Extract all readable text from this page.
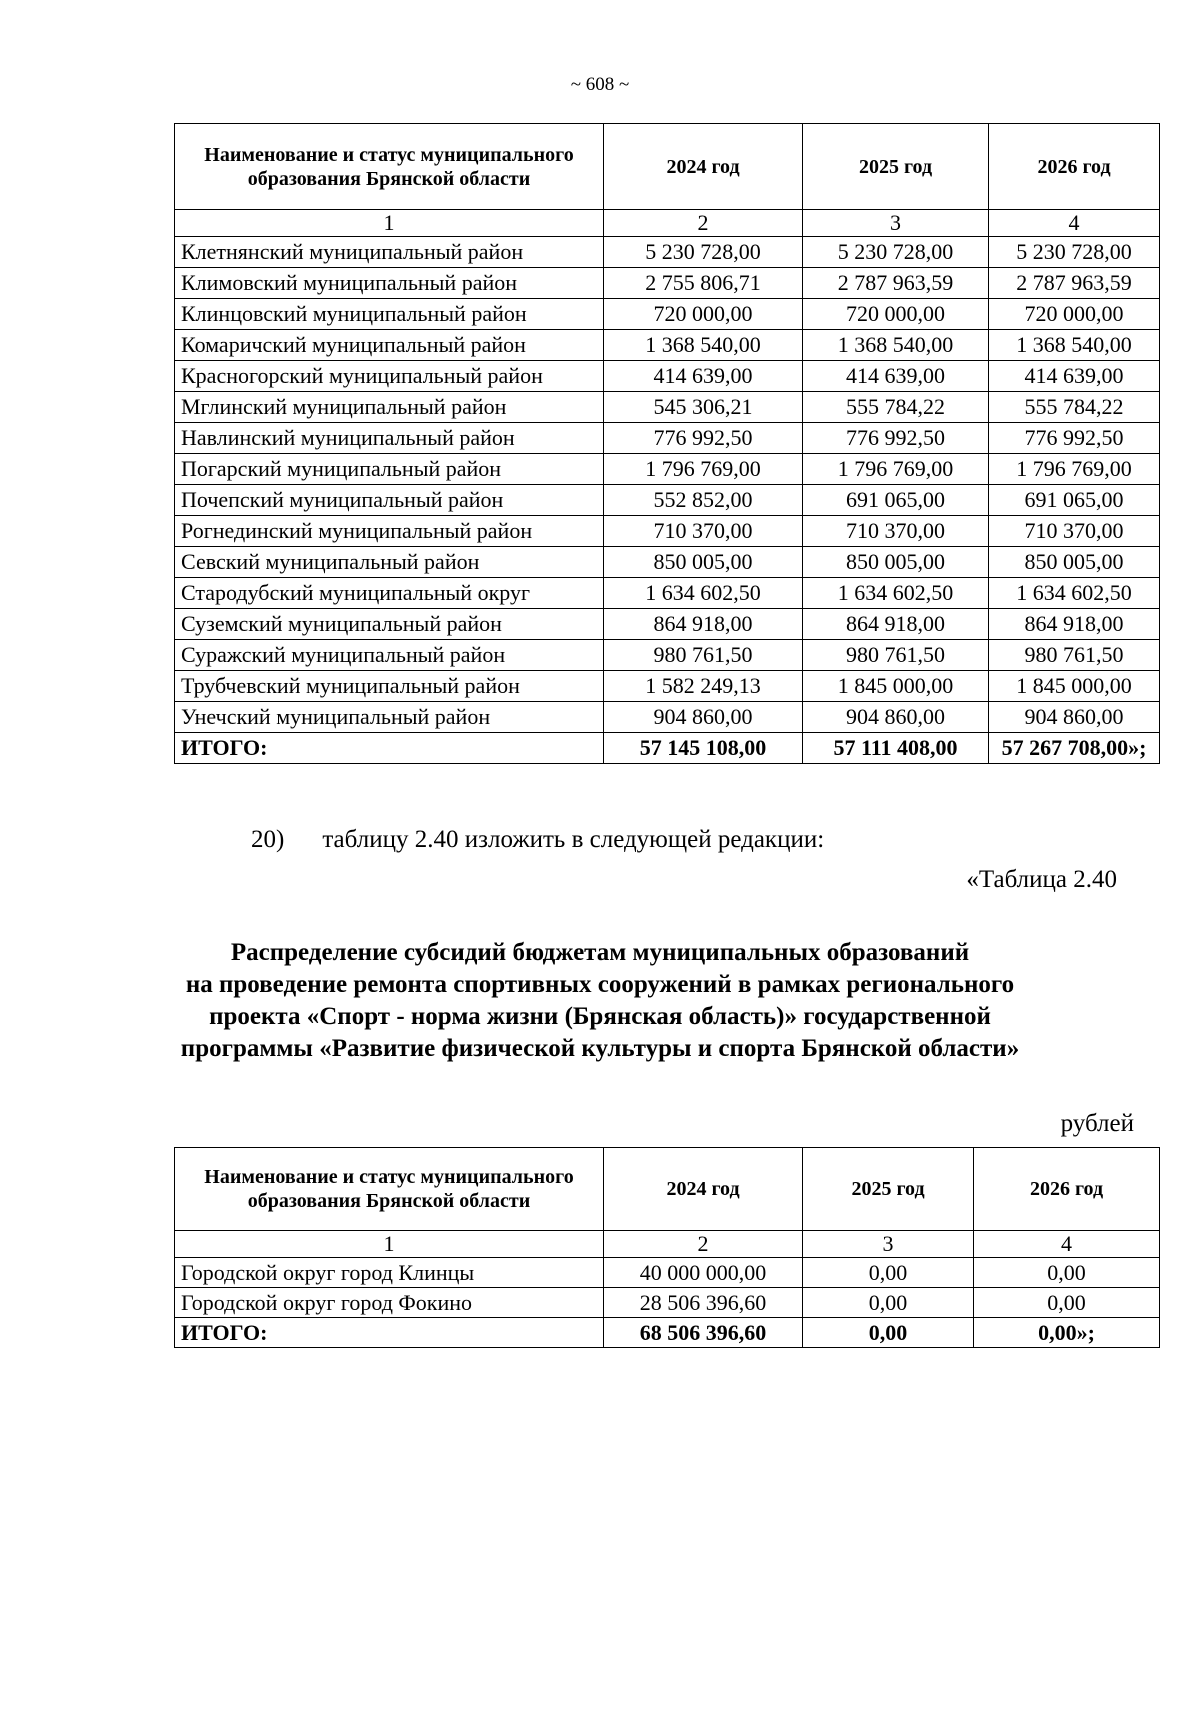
~ 608 ~
Наименование и статус муниципального образования Брянской области	2024 год	2025 год	2026 год
1	2	3	4
Клетнянский муниципальный район	5 230 728,00	5 230 728,00	5 230 728,00
Климовский муниципальный район	2 755 806,71	2 787 963,59	2 787 963,59
Клинцовский муниципальный район	720 000,00	720 000,00	720 000,00
Комаричский муниципальный район	1 368 540,00	1 368 540,00	1 368 540,00
Красногорский муниципальный район	414 639,00	414 639,00	414 639,00
Мглинский муниципальный район	545 306,21	555 784,22	555 784,22
Навлинский муниципальный район	776 992,50	776 992,50	776 992,50
Погарский муниципальный район	1 796 769,00	1 796 769,00	1 796 769,00
Почепский муниципальный район	552 852,00	691 065,00	691 065,00
Рогнединский муниципальный район	710 370,00	710 370,00	710 370,00
Севский муниципальный район	850 005,00	850 005,00	850 005,00
Стародубский муниципальный округ	1 634 602,50	1 634 602,50	1 634 602,50
Суземский муниципальный район	864 918,00	864 918,00	864 918,00
Суражский муниципальный район	980 761,50	980 761,50	980 761,50
Трубчевский муниципальный район	1 582 249,13	1 845 000,00	1 845 000,00
Унечский муниципальный район	904 860,00	904 860,00	904 860,00
ИТОГО:	57 145 108,00	57 111 408,00	57 267 708,00»;
20) таблицу 2.40 изложить в следующей редакции:
«Таблица 2.40
Распределение субсидий бюджетам муниципальных образований
на проведение ремонта спортивных сооружений в рамках регионального
проекта «Спорт - норма жизни (Брянская область)» государственной
программы «Развитие физической культуры и спорта Брянской области»
рублей
Наименование и статус муниципального образования Брянской области	2024 год	2025 год	2026 год
1	2	3	4
Городской округ город Клинцы	40 000 000,00	0,00	0,00
Городской округ город Фокино	28 506 396,60	0,00	0,00
ИТОГО:	68 506 396,60	0,00	0,00»;
